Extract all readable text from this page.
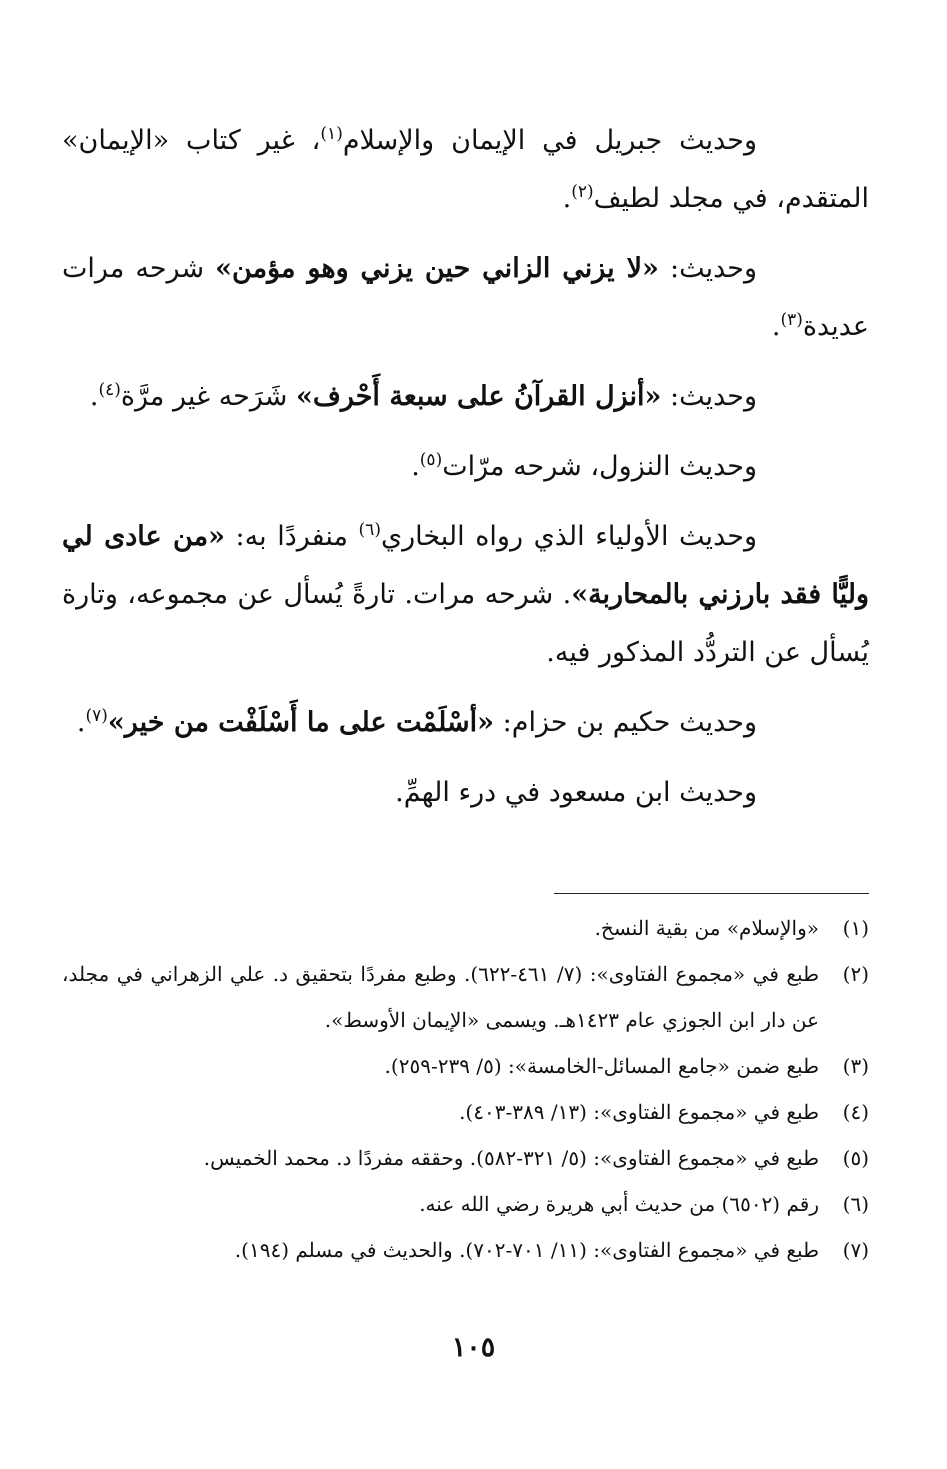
وحديث جبريل في الإيمان والإسلام$^{(١)}$، غير كتاب «الإيمان» المتقدم، في مجلد لطيف$^{(٢)}$.

وحديث: «لا يزني الزاني حين يزني وهو مؤمن» شرحه مرات عديدة$^{(٣)}$.

وحديث: «أنزل القرآنُ على سبعة أَحْرف» شَرَحه غير مرَّة$^{(٤)}$.

وحديث النزول، شرحه مرّات$^{(٥)}$.

وحديث الأولياء الذي رواه البخاري$^{(٦)}$ منفردًا به: «من عادى لي وليًّا فقد بارزني بالمحاربة». شرحه مرات. تارةً يُسأل عن مجموعه، وتارة يُسأل عن التردُّد المذكور فيه.

وحديث حكيم بن حزام: «أسْلَمْت على ما أَسْلَفْت من خير»$^{(٧)}$.

وحديث ابن مسعود في درء الهمِّ.

(١)
«والإسلام» من بقية النسخ.
(٢)
طبع في «مجموع الفتاوى»: (٧/ ٤٦١-٦٢٢). وطبع مفردًا بتحقيق د. علي الزهراني في مجلد، عن دار ابن الجوزي عام ١٤٢٣هـ. ويسمى «الإيمان الأوسط».
(٣)
طبع ضمن «جامع المسائل-الخامسة»: (٥/ ٢٣٩-٢٥٩).
(٤)
طبع في «مجموع الفتاوى»: (١٣/ ٣٨٩-٤٠٣).
(٥)
طبع في «مجموع الفتاوى»: (٥/ ٣٢١-٥٨٢). وحققه مفردًا د. محمد الخميس.
(٦)
رقم (٦٥٠٢) من حديث أبي هريرة رضي الله عنه.
(٧)
طبع في «مجموع الفتاوى»: (١١/ ٧٠١-٧٠٢). والحديث في مسلم (١٩٤).
١٠٥
